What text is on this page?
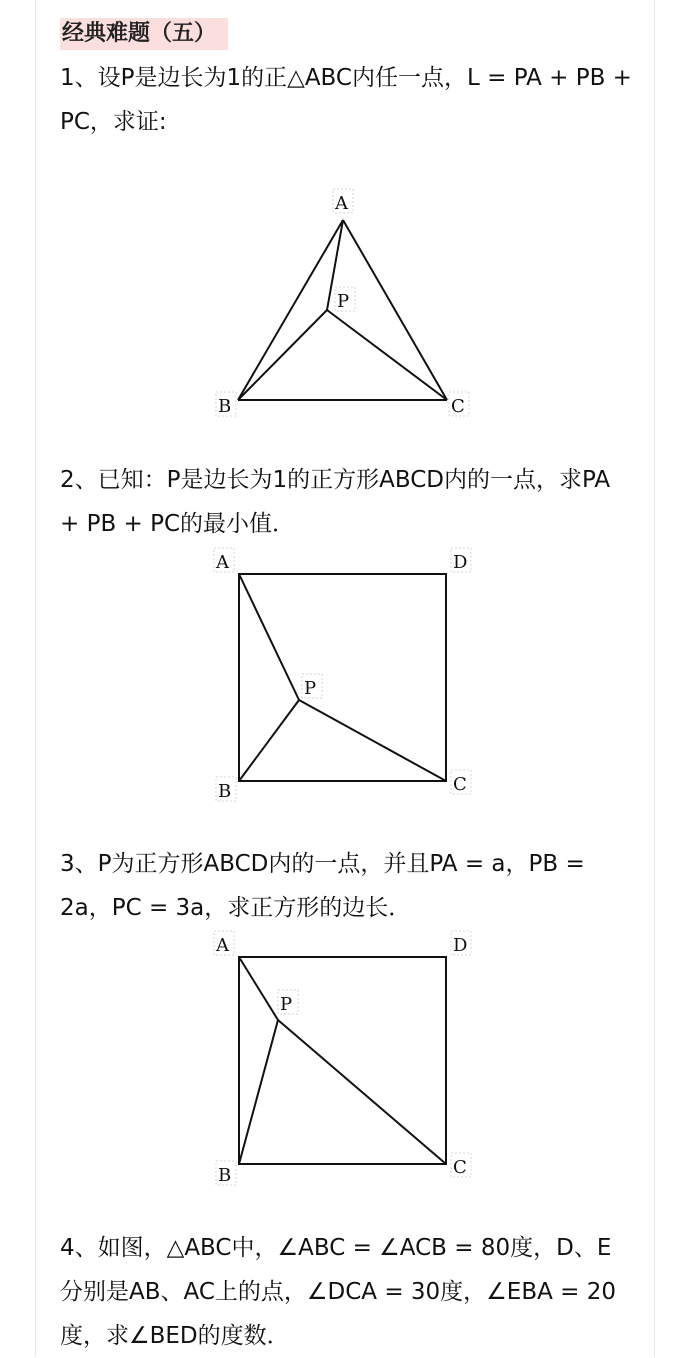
经典难题（五）
1、设P是边长为1的正△ABC内任一点，L = PA + PB + PC，求证:
A
P
B	C
2、已知：P是边长为1的正方形ABCD内的一点，求PA + PB + PC的最小值．
A	D
P
B	C
3、P为正方形ABCD内的一点，并且PA = a，PB = 2a，PC = 3a，求正方形的边长．
A	D
P
B	C
4、如图，△ABC中，∠ABC = ∠ACB = 80度，D、E分别是AB、AC上的点，∠DCA = 30度，∠EBA = 20度，求∠BED的度数．
